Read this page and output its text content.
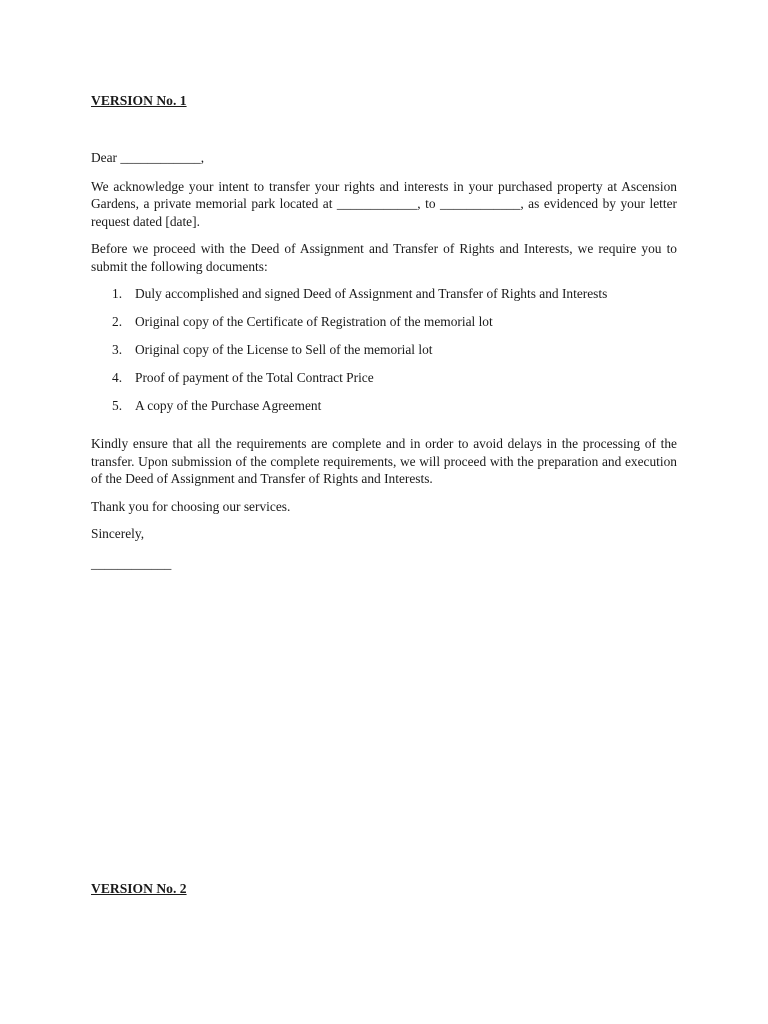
VERSION No. 1

Dear ____________,

We acknowledge your intent to transfer your rights and interests in your purchased property at Ascension Gardens, a private memorial park located at ____________, to ____________, as evidenced by your letter request dated [date].

Before we proceed with the Deed of Assignment and Transfer of Rights and Interests, we require you to submit the following documents:

1. Duly accomplished and signed Deed of Assignment and Transfer of Rights and Interests
2. Original copy of the Certificate of Registration of the memorial lot
3. Original copy of the License to Sell of the memorial lot
4. Proof of payment of the Total Contract Price
5. A copy of the Purchase Agreement

Kindly ensure that all the requirements are complete and in order to avoid delays in the processing of the transfer. Upon submission of the complete requirements, we will proceed with the preparation and execution of the Deed of Assignment and Transfer of Rights and Interests.

Thank you for choosing our services.

Sincerely,

____________

VERSION No. 2
